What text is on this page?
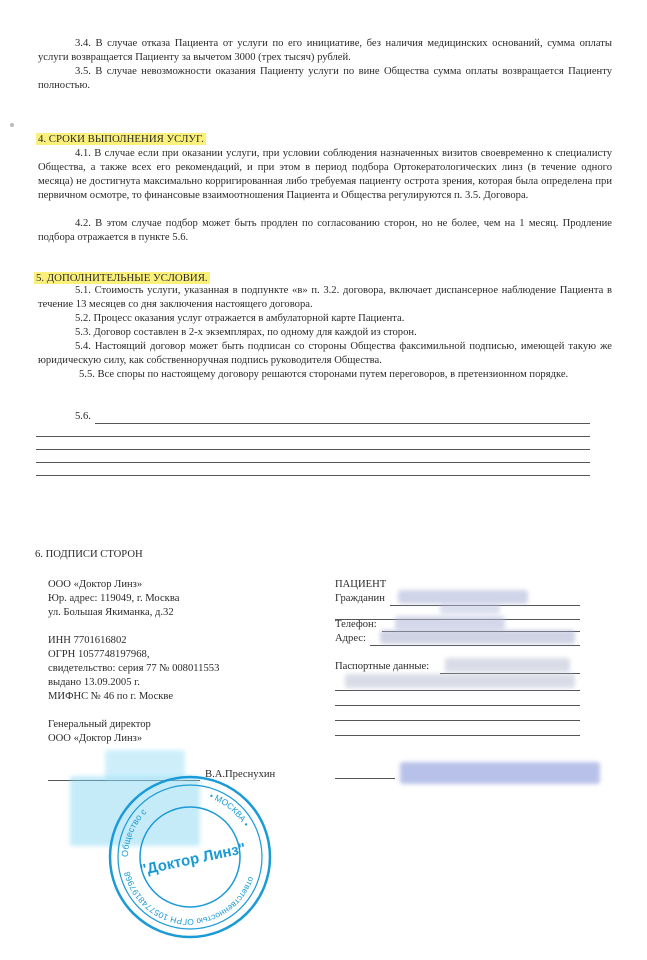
3.4. В случае отказа Пациента от услуги по его инициативе, без наличия медицинских оснований, сумма оплаты услуги возвращается Пациенту за вычетом 3000 (трех тысяч) рублей.
3.5. В случае невозможности оказания Пациенту услуги по вине Общества сумма оплаты возвращается Пациенту полностью.
4. СРОКИ ВЫПОЛНЕНИЯ УСЛУГ.
4.1. В случае если при оказании услуги, при условии соблюдения назначенных визитов своевременно к специалисту Общества, а также всех его рекомендаций, и при этом в период подбора Ортокератологических линз (в течение одного месяца) не достигнута максимально корригированная либо требуемая пациенту острота зрения, которая была определена при первичном осмотре, то финансовые взаимоотношения Пациента и Общества регулируются п. 3.5. Договора.
4.2. В этом случае подбор может быть продлен по согласованию сторон, но не более, чем на 1 месяц. Продление подбора отражается в пункте 5.6.
5. ДОПОЛНИТЕЛЬНЫЕ УСЛОВИЯ.
5.1. Стоимость услуги, указанная в подпункте «в» п. 3.2. договора, включает диспансерное наблюдение Пациента в течение 13 месяцев со дня заключения настоящего договора.
5.2. Процесс оказания услуг отражается в амбулаторной карте Пациента.
5.3. Договор составлен в 2-х экземплярах, по одному для каждой из сторон.
5.4. Настоящий договор может быть подписан со стороны Общества факсимильной подписью, имеющей такую же юридическую силу, как собственноручная подпись руководителя Общества.
5.5. Все споры по настоящему договору решаются сторонами путем переговоров, в претензионном порядке.
5.6.
6. ПОДПИСИ СТОРОН
ООО «Доктор Линз»
Юр. адрес: 119049, г. Москва
ул. Большая Якиманка, д.32
ИНН 7701616802
ОГРН 1057748197968,
свидетельство: серия 77 № 008011553
выдано 13.09.2005 г.
МИФНС № 46 по г. Москве
Генеральный директор
ООО «Доктор Линз»
В.А.Преснухин
ПАЦИЕНТ
Гражданин
Телефон:
Адрес:
Паспортные данные:
Общество с
ответственностью ОГРН 1057748197968
• МОСКВА •
"Доктор Линз"
